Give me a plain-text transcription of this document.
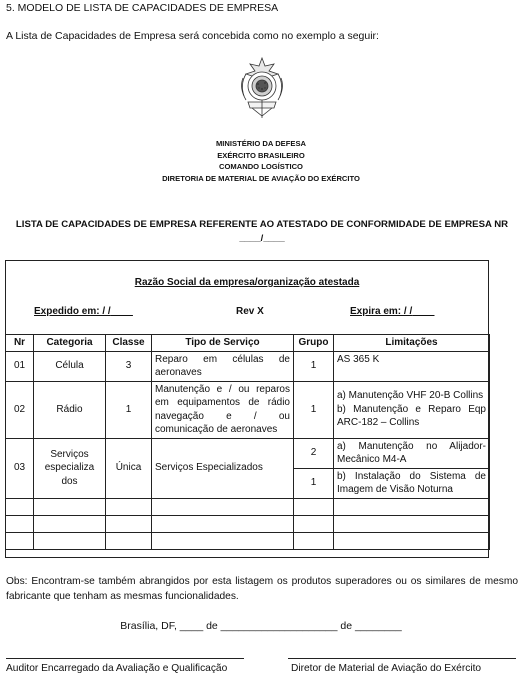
5. MODELO DE LISTA DE CAPACIDADES DE EMPRESA
A Lista de Capacidades de Empresa será concebida como no exemplo a seguir:
MINISTÉRIO DA DEFESA
EXÉRCITO BRASILEIRO
COMANDO LOGÍSTICO
DIRETORIA DE MATERIAL DE AVIAÇÃO DO EXÉRCITO
LISTA DE CAPACIDADES DE EMPRESA REFERENTE AO ATESTADO DE CONFORMIDADE DE EMPRESA NR
____/____
Razão Social da empresa/organização atestada
Expedido em: / /	Rev X	Expira em: / /
Nr	Categoria	Classe	Tipo de Serviço	Grupo	Limitações
01	Célula	3	Reparo em células de aeronaves	1	AS 365 K
02	Rádio	1	Manutenção e / ou reparos em equipamentos de rádio navegação e / ou comunicação de aeronaves	1	a) Manutenção VHF 20-B Collins
b) Manutenção e Reparo Eqp ARC-182 – Collins

03	Serviços especializa dos	Única	Serviços Especializados	2	a) Manutenção no Alijador-Mecânico M4-A
				1	b) Instalação do Sistema de Imagem de Visão Noturna

Obs: Encontram-se também abrangidos por esta listagem os produtos superadores ou os similares de mesmo fabricante que tenham as mesmas funcionalidades.
Brasília, DF, ____ de ____________________ de ________
Auditor Encarregado da Avaliação e Qualificação	Diretor de Material de Aviação do Exército
